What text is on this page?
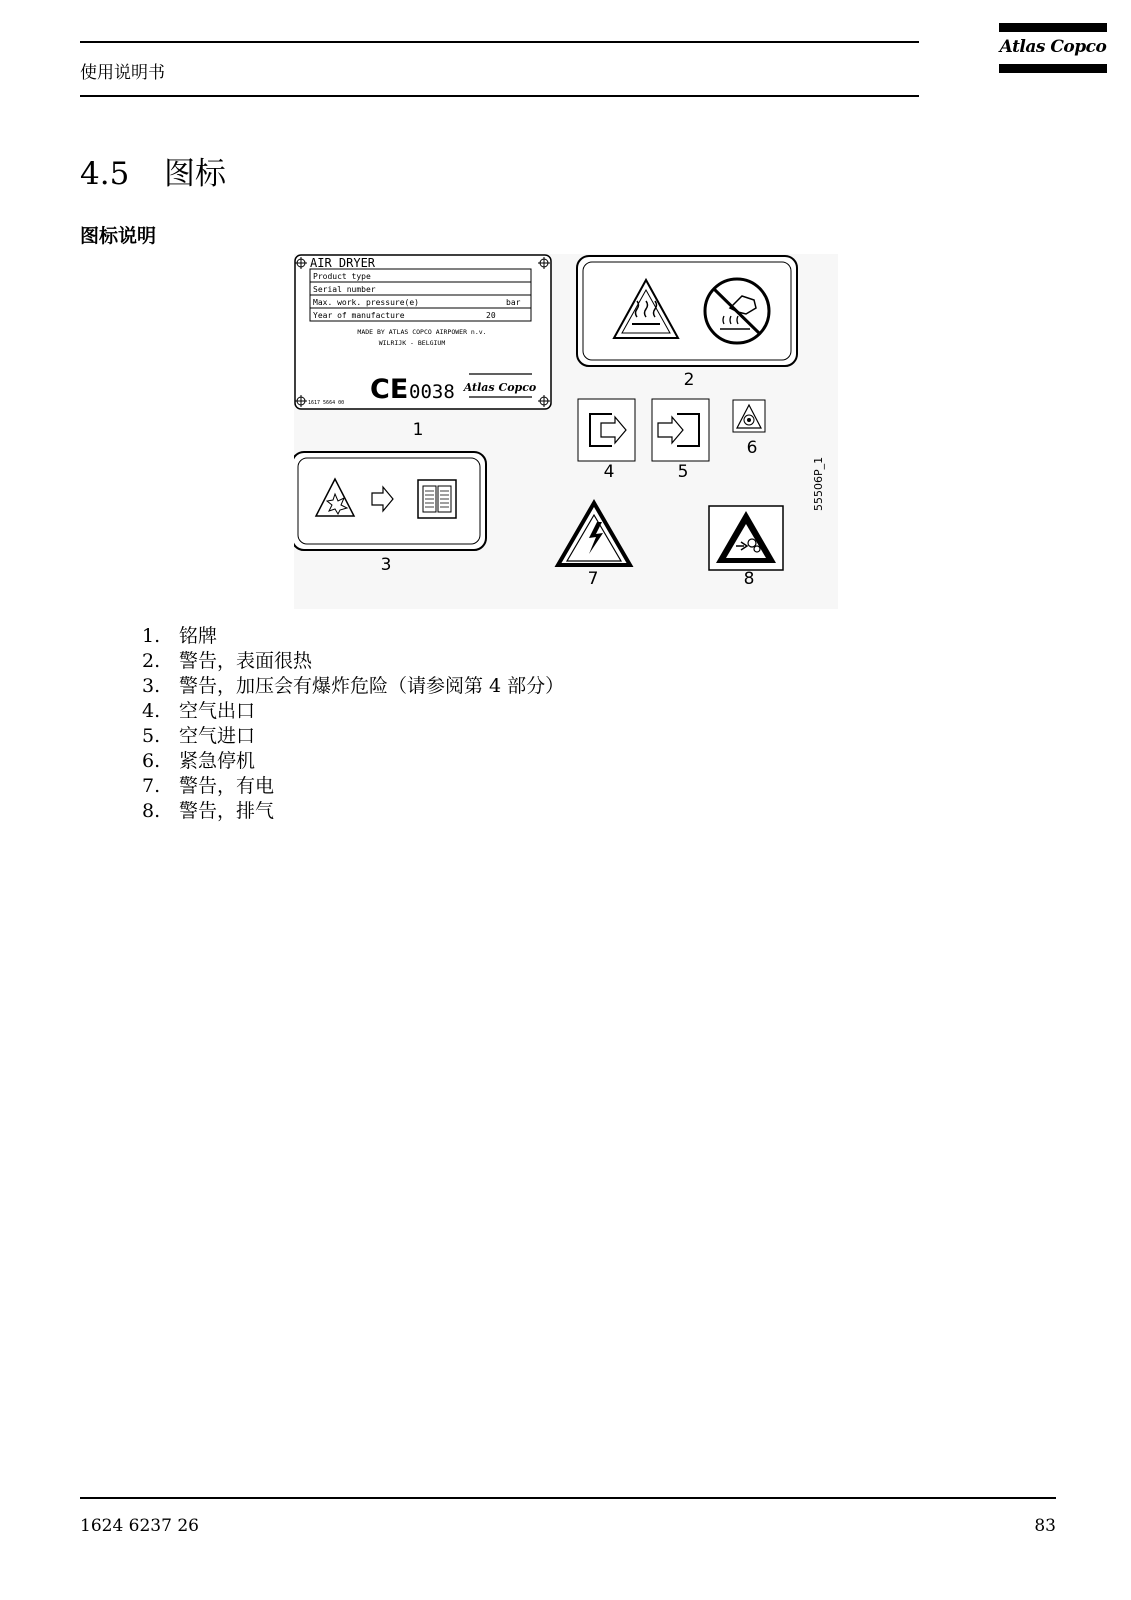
使用说明书
Atlas Copco
4.5 图标
图标说明
AIR DRYER
Product type
Serial number
Max. work. pressure(e)	bar
Year of manufacture	20
MADE BY ATLAS COPCO AIRPOWER n.v.
WILRIJK - BELGIUM
CE 0038 Atlas Copco
1617 5664 00
1
2
4	5
6
55506P_1
3
7	8
1. 铭牌
2. 警告，表面很热
3. 警告，加压会有爆炸危险（请参阅第 4 部分）
4. 空气出口
5. 空气进口
6. 紧急停机
7. 警告，有电
8. 警告，排气
1624 6237 26	83
